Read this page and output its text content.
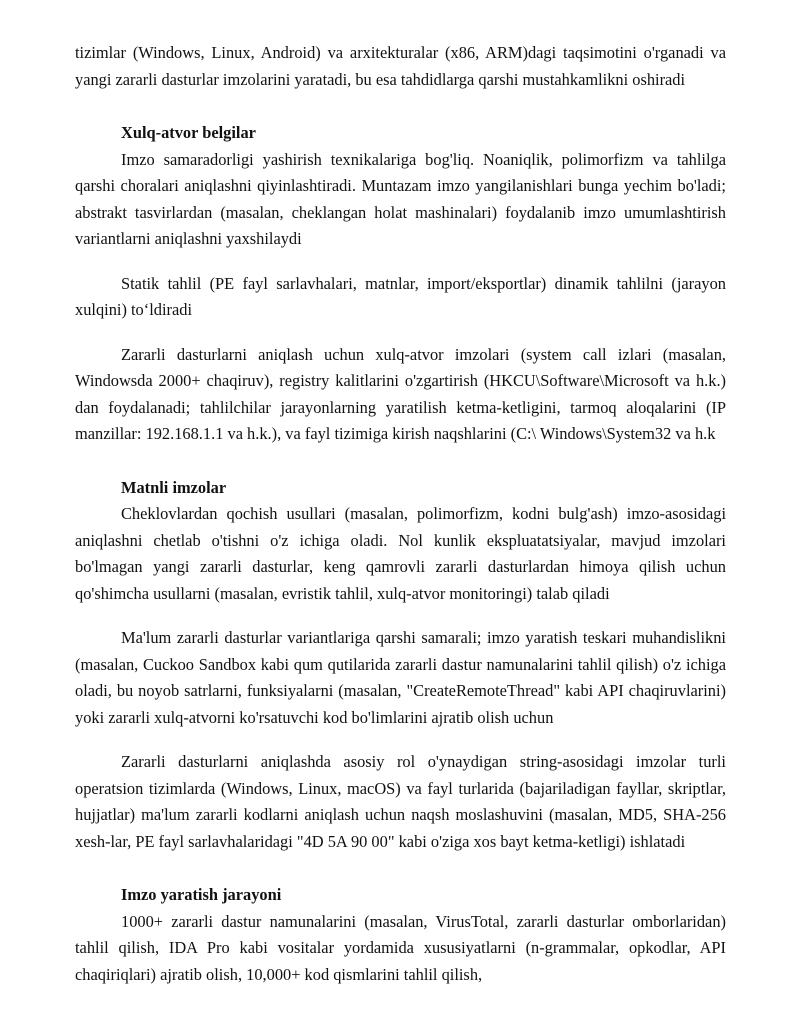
tizimlar (Windows, Linux, Android) va arxitekturalar (x86, ARM)dagi taqsimotini o'rganadi va yangi zararli dasturlar imzolarini yaratadi, bu esa tahdidlarga qarshi mustahkamlikni oshiradi

Xulq-atvor belgilar

Imzo samaradorligi yashirish texnikalariga bog'liq. Noaniqlik, polimorfizm va tahlilga qarshi choralari aniqlashni qiyinlashtiradi. Muntazam imzo yangilanishlari bunga yechim bo'ladi; abstrakt tasvirlardan (masalan, cheklangan holat mashinalari) foydalanib imzo umumlashtirish variantlarni aniqlashni yaxshilaydi

Statik tahlil (PE fayl sarlavhalari, matnlar, import/eksportlar) dinamik tahlilni (jarayon xulqini) to‘ldiradi

Zararli dasturlarni aniqlash uchun xulq-atvor imzolari (system call izlari (masalan, Windowsda 2000+ chaqiruv), registry kalitlarini o'zgartirish (HKCU\Software\Microsoft va h.k.) dan foydalanadi; tahlilchilar jarayonlarning yaratilish ketma-ketligini, tarmoq aloqalarini (IP manzillar: 192.168.1.1 va h.k.), va fayl tizimiga kirish naqshlarini (C:\ Windows\System32 va h.k

Matnli imzolar

Cheklovlardan qochish usullari (masalan, polimorfizm, kodni bulg'ash) imzo-asosidagi aniqlashni chetlab o'tishni o'z ichiga oladi. Nol kunlik ekspluatatsiyalar, mavjud imzolari bo'lmagan yangi zararli dasturlar, keng qamrovli zararli dasturlardan himoya qilish uchun qo'shimcha usullarni (masalan, evristik tahlil, xulq-atvor monitoringi) talab qiladi

Ma'lum zararli dasturlar variantlariga qarshi samarali; imzo yaratish teskari muhandislikni (masalan, Cuckoo Sandbox kabi qum qutilarida zararli dastur namunalarini tahlil qilish) o'z ichiga oladi, bu noyob satrlarni, funksiyalarni (masalan, "CreateRemoteThread" kabi API chaqiruvlarini) yoki zararli xulq-atvorni ko'rsatuvchi kod bo'limlarini ajratib olish uchun

Zararli dasturlarni aniqlashda asosiy rol o'ynaydigan string-asosidagi imzolar turli operatsion tizimlarda (Windows, Linux, macOS) va fayl turlarida (bajariladigan fayllar, skriptlar, hujjatlar) ma'lum zararli kodlarni aniqlash uchun naqsh moslashuvini (masalan, MD5, SHA-256 xesh-lar, PE fayl sarlavhalaridagi "4D 5A 90 00" kabi o'ziga xos bayt ketma-ketligi) ishlatadi

Imzo yaratish jarayoni

1000+ zararli dastur namunalarini (masalan, VirusTotal, zararli dasturlar omborlaridan) tahlil qilish, IDA Pro kabi vositalar yordamida xususiyatlarni (n-grammalar, opkodlar, API chaqiriqlari) ajratib olish, 10,000+ kod qismlarini tahlil qilish,
